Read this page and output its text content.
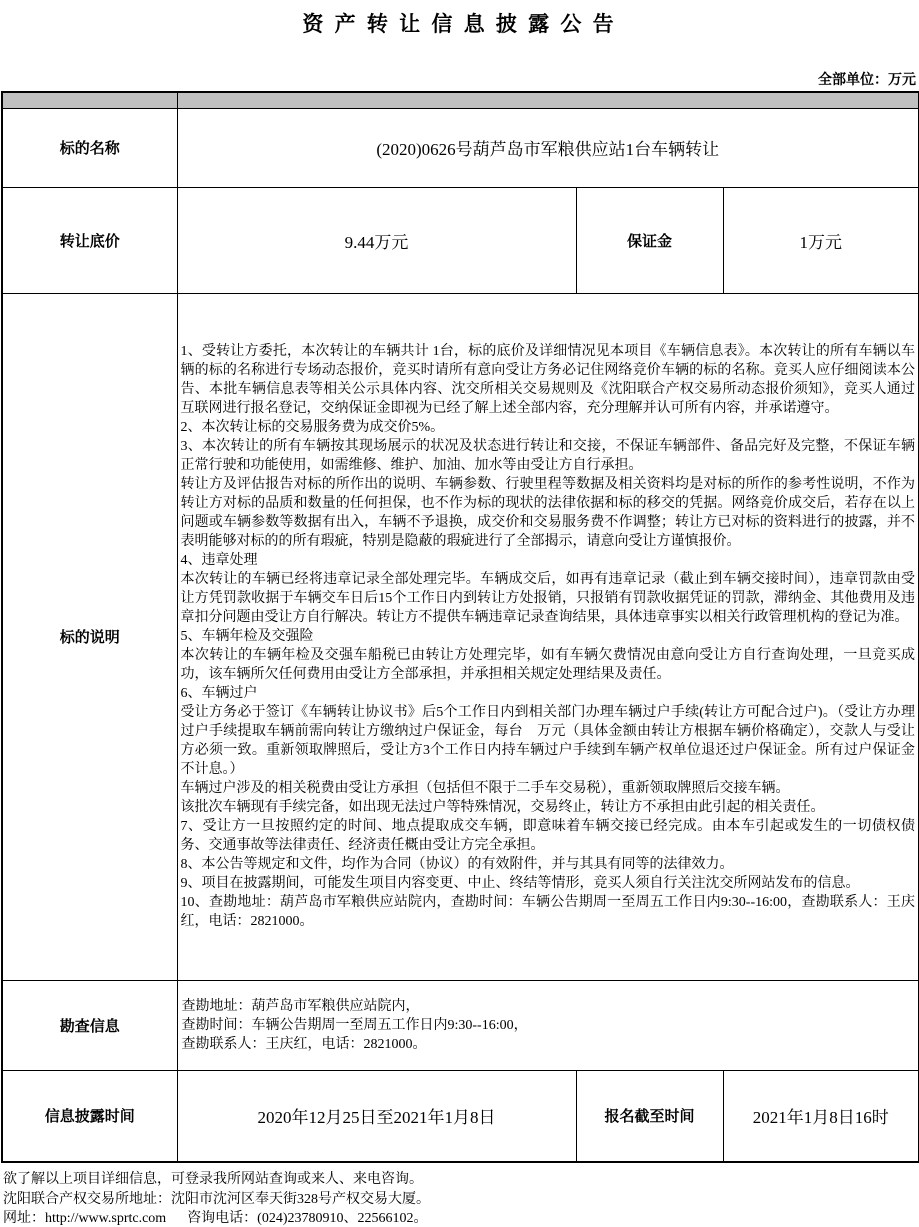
资 产 转 让 信 息 披 露 公 告
全部单位：万元

标的名称	(2020)0626号葫芦岛市军粮供应站1台车辆转让		
转让底价	9.44万元	保证金	1万元
标的说明	

1、受转让方委托，本次转让的车辆共计 1台，标的底价及详细情况见本项目《车辆信息表》。本次转让的所有车辆以车辆的标的名称进行专场动态报价，竞买时请所有意向受让方务必记住网络竞价车辆的标的名称。竞买人应仔细阅读本公告、本批车辆信息表等相关公示具体内容、沈交所相关交易规则及《沈阳联合产权交易所动态报价须知》，竞买人通过互联网进行报名登记，交纳保证金即视为已经了解上述全部内容，充分理解并认可所有内容，并承诺遵守。

2、本次转让标的交易服务费为成交价5%。

3、本次转让的所有车辆按其现场展示的状况及状态进行转让和交接，不保证车辆部件、备品完好及完整，不保证车辆正常行驶和功能使用，如需维修、维护、加油、加水等由受让方自行承担。

转让方及评估报告对标的所作出的说明、车辆参数、行驶里程等数据及相关资料均是对标的所作的参考性说明，不作为转让方对标的品质和数量的任何担保，也不作为标的现状的法律依据和标的移交的凭据。网络竞价成交后，若存在以上问题或车辆参数等数据有出入，车辆不予退换，成交价和交易服务费不作调整；转让方已对标的资料进行的披露，并不表明能够对标的的所有瑕疵，特别是隐蔽的瑕疵进行了全部揭示，请意向受让方谨慎报价。

4、违章处理

本次转让的车辆已经将违章记录全部处理完毕。车辆成交后，如再有违章记录（截止到车辆交接时间），违章罚款由受让方凭罚款收据于车辆交车日后15个工作日内到转让方处报销，只报销有罚款收据凭证的罚款，滞纳金、其他费用及违章扣分问题由受让方自行解决。转让方不提供车辆违章记录查询结果，具体违章事实以相关行政管理机构的登记为准。

5、车辆年检及交强险

本次转让的车辆年检及交强车船税已由转让方处理完毕，如有车辆欠费情况由意向受让方自行查询处理，一旦竞买成功，该车辆所欠任何费用由受让方全部承担，并承担相关规定处理结果及责任。

6、车辆过户

受让方务必于签订《车辆转让协议书》后5个工作日内到相关部门办理车辆过户手续(转让方可配合过户)。（受让方办理过户手续提取车辆前需向转让方缴纳过户保证金，每台　万元（具体金额由转让方根据车辆价格确定），交款人与受让方必须一致。重新领取牌照后，受让方3个工作日内持车辆过户手续到车辆产权单位退还过户保证金。所有过户保证金不计息。）

车辆过户涉及的相关税费由受让方承担（包括但不限于二手车交易税），重新领取牌照后交接车辆。

该批次车辆现有手续完备，如出现无法过户等特殊情况，交易终止，转让方不承担由此引起的相关责任。

7、受让方一旦按照约定的时间、地点提取成交车辆，即意味着车辆交接已经完成。由本车引起或发生的一切债权债务、交通事故等法律责任、经济责任概由受让方完全承担。

8、本公告等规定和文件，均作为合同（协议）的有效附件，并与其具有同等的法律效力。

9、项目在披露期间，可能发生项目内容变更、中止、终结等情形，竞买人须自行关注沈交所网站发布的信息。

10、查勘地址：葫芦岛市军粮供应站院内，查勘时间：车辆公告期周一至周五工作日内9:30--16:00，查勘联系人：王庆红，电话：2821000。

勘查信息	查勘地址：葫芦岛市军粮供应站院内，
查勘时间：车辆公告期周一至周五工作日内9:30--16:00，
查勘联系人：王庆红，电话：2821000。		

信息披露时间	2020年12月25日至2021年1月8日	报名截至时间	2021年1月8日16时
欲了解以上项目详细信息，可登录我所网站查询或来人、来电咨询。
沈阳联合产权交易所地址：沈阳市沈河区奉天街328号产权交易大厦。
网址：http://www.sprtc.com      咨询电话：(024)23780910、22566102。
